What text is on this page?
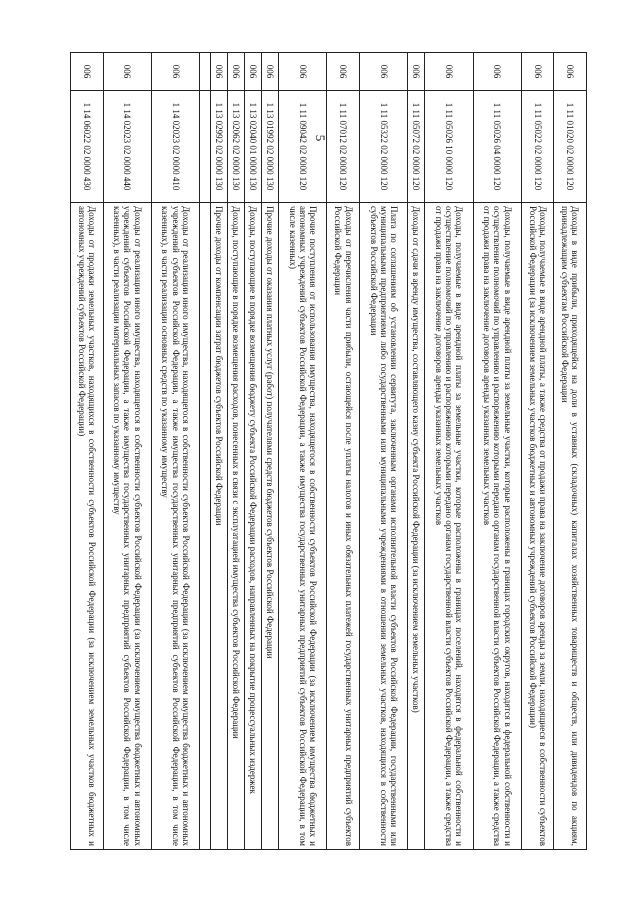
5
006	1 11 01020 02 0000 120	Доходы в виде прибыли, приходящейся на доли в уставных (складочных) капиталах хозяйственных товариществ и обществ, или дивидендов по акциям, принадлежащим субъектам Российской Федерации
006	1 11 05022 02 0000 120	Доходы, получаемые в виде арендной платы, а также средства от продажи права на заключение договоров аренды за земли, находящиеся в собственности субъектов Российской Федерации (за исключением земельных участков бюджетных и автономных учреждений субъектов Российской Федерации)
006	1 11 05026 04 0000 120	Доходы, получаемые в виде арендной платы за земельные участки, которые расположены в границах городских округов, находятся в федеральной собственности и осуществление полномочий по управлению и распоряжению которыми передано органам государственной власти субъектов Российской Федерации, а также средства от продажи права на заключение договоров аренды указанных земельных участков
006	1 11 05026 10 0000 120	Доходы, получаемые в виде арендной платы за земельные участки, которые расположены в границах поселений, находятся в федеральной собственности и осуществление полномочий по управлению и распоряжению которыми передано органам государственной власти субъектов Российской Федерации, а также средства от продажи права на заключение договоров аренды указанных земельных участков
006	1 11 05072 02 0000 120	Доходы от сдачи в аренду имущества, составляющего казну субъекта Российской Федерации (за исключением земельных участков)
006	1 11 05322 02 0000 120	Плата по соглашениям об установлении сервитута, заключенным органами исполнительной власти субъектов Российской Федерации, государственными или муниципальными предприятиями либо государственными или муниципальными учреждениями в отношении земельных участков, находящихся в собственности субъектов Российской Федерации
006	1 11 07012 02 0000 120	Доходы от перечисления части прибыли, остающейся после уплаты налогов и иных обязательных платежей государственных унитарных предприятий субъектов Российской Федерации
006	1 11 09042 02 0000 120	Прочие поступления от использования имущества, находящегося в собственности субъектов Российской Федерации (за исключением имущества бюджетных и автономных учреждений субъектов Российской Федерации, а также имущества государственных унитарных предприятий субъектов Российской Федерации, в том числе казенных)
006	1 13 01992 02 0000 130	Прочие доходы от оказания платных услуг (работ) получателями средств бюджетов субъектов Российской Федерации
006	1 13 02040 01 0000 130	Доходы, поступающие в порядке возмещения бюджету субъекта Российской Федерации расходов, направленных на покрытие процессуальных издержек
006	1 13 02062 02 0000 130	Доходы, поступающие в порядке возмещения расходов, понесенных в связи с эксплуатацией имущества субъектов Российской Федерации
006	1 13 02992 02 0000 130	Прочие доходы от компенсации затрат бюджетов субъектов Российской Федерации

006	1 14 02023 02 0000 410	Доходы от реализации иного имущества, находящегося в собственности субъектов Российской Федерации (за исключением имущества бюджетных и автономных учреждений субъектов Российской Федерации, а также имущества государственных унитарных предприятий субъектов Российской Федерации, в том числе казенных), в части реализации основных средств по указанному имуществу
006	1 14 02023 02 0000 440	Доходы от реализации иного имущества, находящегося в собственности субъектов Российской Федерации (за исключением имущества бюджетных и автономных учреждений субъектов Российской Федерации, а также имущества государственных унитарных предприятий субъектов Российской Федерации, в том числе казенных), в части реализации материальных запасов по указанному имуществу
006	1 14 06022 02 0000 430	Доходы от продажи земельных участков, находящихся в собственности субъектов Российской Федерации (за исключением земельных участков бюджетных и автономных учреждений субъектов Российской Федерации)
